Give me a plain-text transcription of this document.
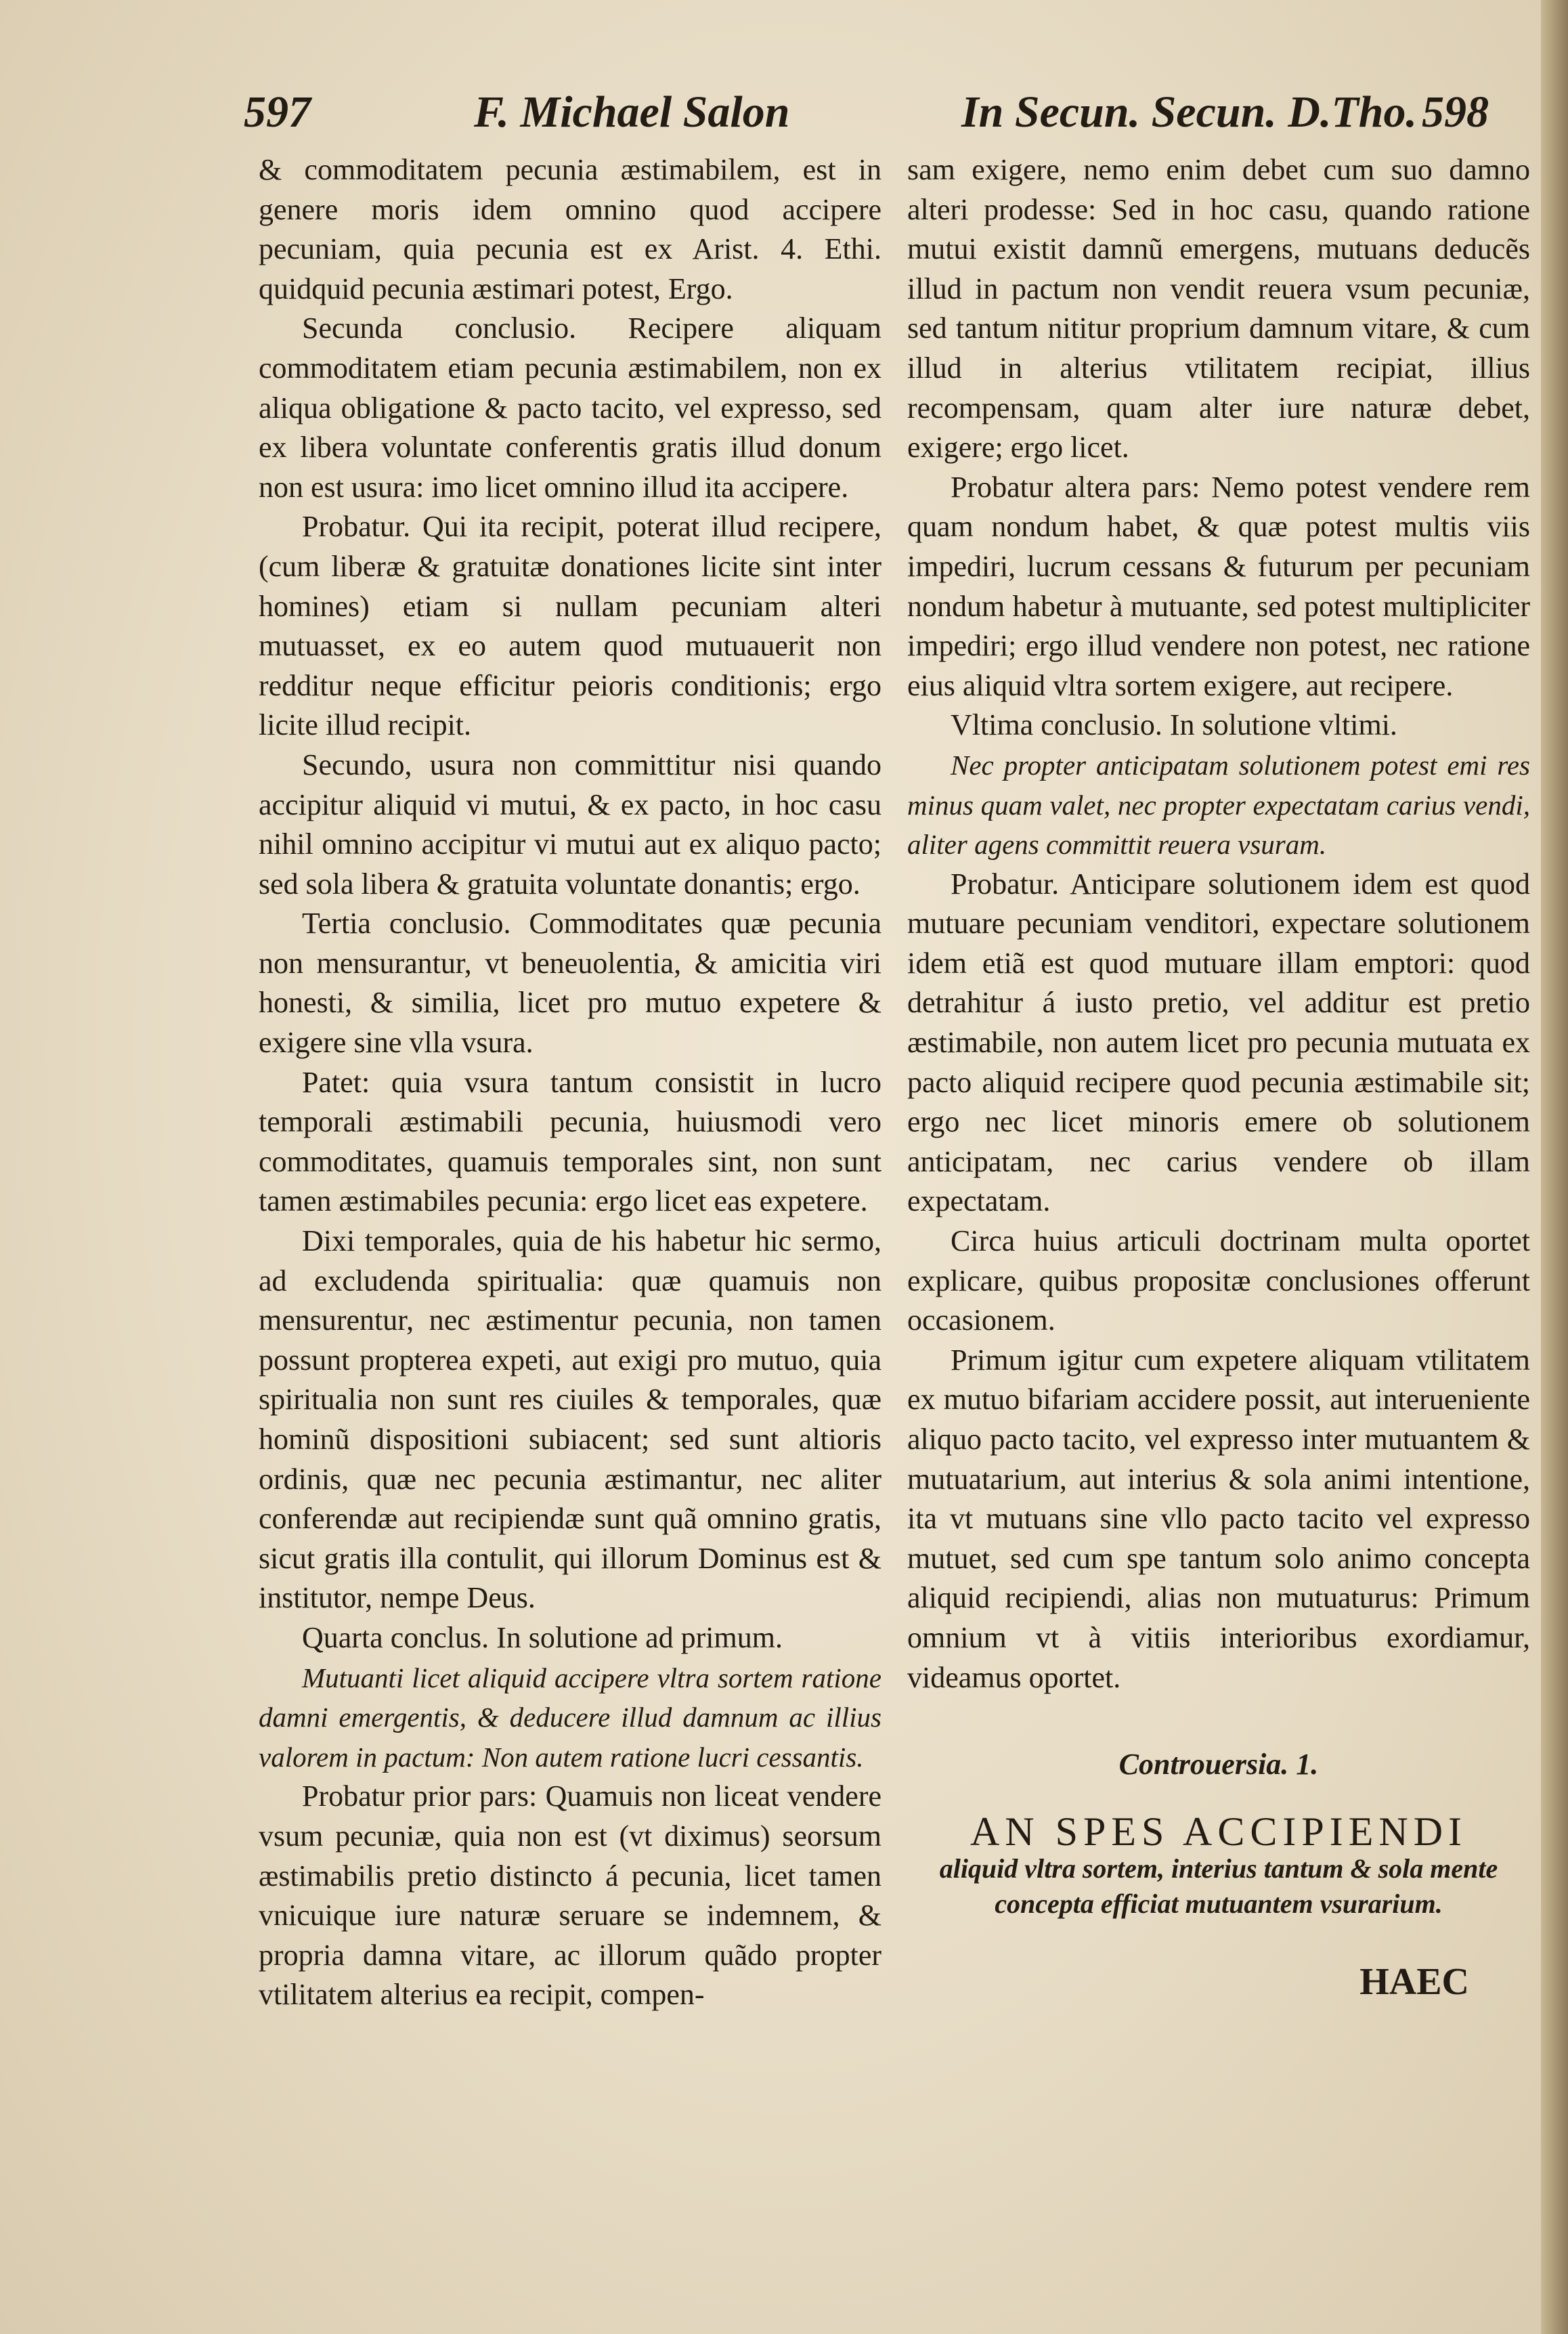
597	F. Michael Salon	In Secun. Secun. D.Tho. 598

& commoditatem pecunia æstimabilem, est in genere moris idem omnino quod accipere pecuniam, quia pecunia est ex Arist. 4. Ethi. quidquid pecunia æstimari potest, Ergo.

Secunda conclusio. Recipere aliquam commoditatem etiam pecunia æstimabilem, non ex aliqua obligatione & pacto tacito, vel expresso, sed ex libera voluntate conferentis gratis illud donum non est usura: imo licet omnino illud ita accipere.

Probatur. Qui ita recipit, poterat illud recipere, (cum liberæ & gratuitæ donationes licite sint inter homines) etiam si nullam pecuniam alteri mutuasset, ex eo autem quod mutuauerit non redditur neque efficitur peioris conditionis; ergo licite illud recipit.

Secundo, usura non committitur nisi quando accipitur aliquid vi mutui, & ex pacto, in hoc casu nihil omnino accipitur vi mutui aut ex aliquo pacto; sed sola libera & gratuita voluntate donantis; ergo.

Tertia conclusio. Commoditates quæ pecunia non mensurantur, vt beneuolentia, & amicitia viri honesti, & similia, licet pro mutuo expetere & exigere sine vlla vsura.

Patet: quia vsura tantum consistit in lucro temporali æstimabili pecunia, huiusmodi vero commoditates, quamuis temporales sint, non sunt tamen æstimabiles pecunia: ergo licet eas expetere.

Dixi temporales, quia de his habetur hic sermo, ad excludenda spiritualia: quæ quamuis non mensurentur, nec æstimentur pecunia, non tamen possunt propterea expeti, aut exigi pro mutuo, quia spiritualia non sunt res ciuiles & temporales, quæ hominũ dispositioni subiacent; sed sunt altioris ordinis, quæ nec pecunia æstimantur, nec aliter conferendæ aut recipiendæ sunt quã omnino gratis, sicut gratis illa contulit, qui illorum Dominus est & institutor, nempe Deus.

Quarta conclus. In solutione ad primum.

Mutuanti licet aliquid accipere vltra sortem ratione damni emergentis, & deducere illud damnum ac illius valorem in pactum: Non autem ratione lucri cessantis.

Probatur prior pars: Quamuis non liceat vendere vsum pecuniæ, quia non est (vt diximus) seorsum æstimabilis pretio distincto á pecunia, licet tamen vnicuique iure naturæ seruare se indemnem, & propria damna vitare, ac illorum quãdo propter vtilitatem alterius ea recipit, compen-

sam exigere, nemo enim debet cum suo damno alteri prodesse: Sed in hoc casu, quando ratione mutui existit damnũ emergens, mutuans deducẽs illud in pactum non vendit reuera vsum pecuniæ, sed tantum nititur proprium damnum vitare, & cum illud in alterius vtilitatem recipiat, illius recompensam, quam alter iure naturæ debet, exigere; ergo licet.

Probatur altera pars: Nemo potest vendere rem quam nondum habet, & quæ potest multis viis impediri, lucrum cessans & futurum per pecuniam nondum habetur à mutuante, sed potest multipliciter impediri; ergo illud vendere non potest, nec ratione eius aliquid vltra sortem exigere, aut recipere.

Vltima conclusio. In solutione vltimi.

Nec propter anticipatam solutionem potest emi res minus quam valet, nec propter expectatam carius vendi, aliter agens committit reuera vsuram.

Probatur. Anticipare solutionem idem est quod mutuare pecuniam venditori, expectare solutionem idem etiã est quod mutuare illam emptori: quod detrahitur á iusto pretio, vel additur est pretio æstimabile, non autem licet pro pecunia mutuata ex pacto aliquid recipere quod pecunia æstimabile sit; ergo nec licet minoris emere ob solutionem anticipatam, nec carius vendere ob illam expectatam.

Circa huius articuli doctrinam multa oportet explicare, quibus propositæ conclusiones offerunt occasionem.

Primum igitur cum expetere aliquam vtilitatem ex mutuo bifariam accidere possit, aut interueniente aliquo pacto tacito, vel expresso inter mutuantem & mutuatarium, aut interius & sola animi intentione, ita vt mutuans sine vllo pacto tacito vel expresso mutuet, sed cum spe tantum solo animo concepta aliquid recipiendi, alias non mutuaturus: Primum omnium vt à vitiis interioribus exordiamur, videamus oportet.

Controuersia. 1.

AN SPES ACCIPIENDI

aliquid vltra sortem, interius tantum & sola mente concepta efficiat mutuantem vsurarium.

HAEC
